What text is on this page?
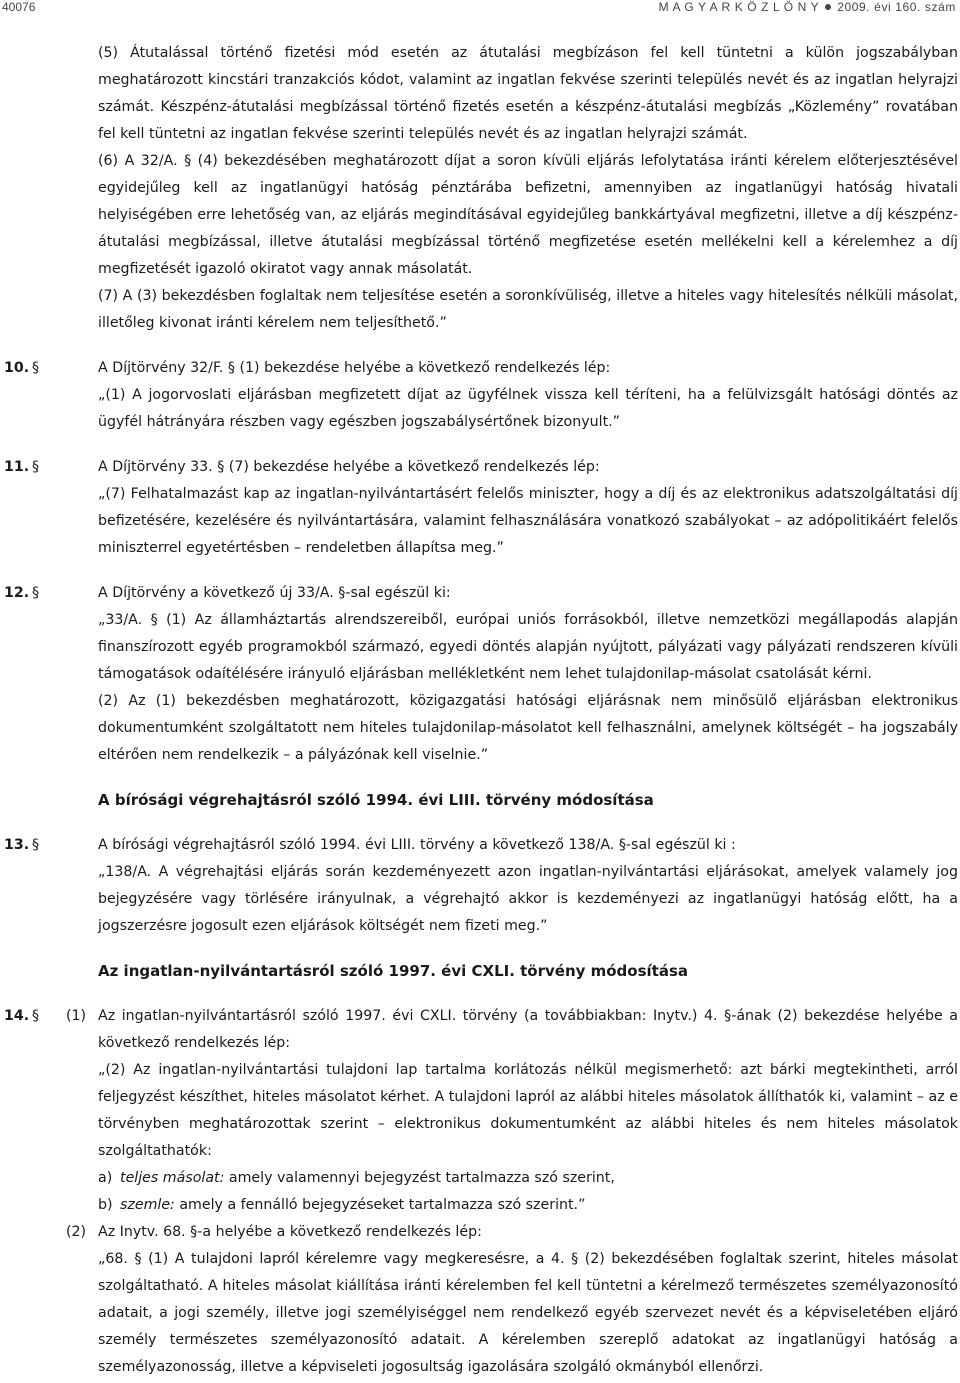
40076	M A G Y A R K Ö Z L Ö N Y 2009. évi 160. szám

(5) Átutalással történő fizetési mód esetén az átutalási megbízáson fel kell tüntetni a külön jogszabályban meghatározott kincstári tranzakciós kódot, valamint az ingatlan fekvése szerinti település nevét és az ingatlan helyrajzi számát. Készpénz-átutalási megbízással történő fizetés esetén a készpénz-átutalási megbízás „Közlemény” rovatában fel kell tüntetni az ingatlan fekvése szerinti település nevét és az ingatlan helyrajzi számát.

(6) A 32/A. § (4) bekezdésében meghatározott díjat a soron kívüli eljárás lefolytatása iránti kérelem előterjesztésével egyidejűleg kell az ingatlanügyi hatóság pénztárába befizetni, amennyiben az ingatlanügyi hatóság hivatali helyiségében erre lehetőség van, az eljárás megindításával egyidejűleg bankkártyával megfizetni, illetve a díj készpénz-átutalási megbízással, illetve átutalási megbízással történő megfizetése esetén mellékelni kell a kérelemhez a díj megfizetését igazoló okiratot vagy annak másolatát.

(7) A (3) bekezdésben foglaltak nem teljesítése esetén a soronkívüliség, illetve a hiteles vagy hitelesítés nélküli másolat, illetőleg kivonat iránti kérelem nem teljesíthető.”

10. §	A Díjtörvény 32/F. § (1) bekezdése helyébe a következő rendelkezés lép:

„(1) A jogorvoslati eljárásban megfizetett díjat az ügyfélnek vissza kell téríteni, ha a felülvizsgált hatósági döntés az ügyfél hátrányára részben vagy egészben jogszabálysértőnek bizonyult.”

11. §	A Díjtörvény 33. § (7) bekezdése helyébe a következő rendelkezés lép:

„(7) Felhatalmazást kap az ingatlan-nyilvántartásért felelős miniszter, hogy a díj és az elektronikus adatszolgáltatási díj befizetésére, kezelésére és nyilvántartására, valamint felhasználására vonatkozó szabályokat – az adópolitikáért felelős miniszterrel egyetértésben – rendeletben állapítsa meg.”

12. §	A Díjtörvény a következő új 33/A. §-sal egészül ki:

„33/A. § (1) Az államháztartás alrendszereiből, európai uniós forrásokból, illetve nemzetközi megállapodás alapján finanszírozott egyéb programokból származó, egyedi döntés alapján nyújtott, pályázati vagy pályázati rendszeren kívüli támogatások odaítélésére irányuló eljárásban mellékletként nem lehet tulajdonilap-másolat csatolását kérni.

(2) Az (1) bekezdésben meghatározott, közigazgatási hatósági eljárásnak nem minősülő eljárásban elektronikus dokumentumként szolgáltatott nem hiteles tulajdonilap-másolatot kell felhasználni, amelynek költségét – ha jogszabály eltérően nem rendelkezik – a pályázónak kell viselnie.”

A bírósági végrehajtásról szóló 1994. évi LIII. törvény módosítása

13. §	A bírósági végrehajtásról szóló 1994. évi LIII. törvény a következő 138/A. §-sal egészül ki :

„138/A. A végrehajtási eljárás során kezdeményezett azon ingatlan-nyilvántartási eljárásokat, amelyek valamely jog bejegyzésére vagy törlésére irányulnak, a végrehajtó akkor is kezdeményezi az ingatlanügyi hatóság előtt, ha a jogszerzésre jogosult ezen eljárások költségét nem fizeti meg.”

Az ingatlan-nyilvántartásról szóló 1997. évi CXLI. törvény módosítása

14. § (1) Az ingatlan-nyilvántartásról szóló 1997. évi CXLI. törvény (a továbbiakban: Inytv.) 4. §-ának (2) bekezdése helyébe a következő rendelkezés lép:

„(2) Az ingatlan-nyilvántartási tulajdoni lap tartalma korlátozás nélkül megismerhető: azt bárki megtekintheti, arról feljegyzést készíthet, hiteles másolatot kérhet. A tulajdoni lapról az alábbi hiteles másolatok állíthatók ki, valamint – az e törvényben meghatározottak szerint – elektronikus dokumentumként az alábbi hiteles és nem hiteles másolatok szolgáltathatók:

a) teljes másolat: amely valamennyi bejegyzést tartalmazza szó szerint,

b) szemle: amely a fennálló bejegyzéseket tartalmazza szó szerint.”

(2) Az Inytv. 68. §-a helyébe a következő rendelkezés lép:

„68. § (1) A tulajdoni lapról kérelemre vagy megkeresésre, a 4. § (2) bekezdésében foglaltak szerint, hiteles másolat szolgáltatható. A hiteles másolat kiállítása iránti kérelemben fel kell tüntetni a kérelmező természetes személyazonosító adatait, a jogi személy, illetve jogi személyiséggel nem rendelkező egyéb szervezet nevét és a képviseletében eljáró személy természetes személyazonosító adatait. A kérelemben szereplő adatokat az ingatlanügyi hatóság a személyazonosság, illetve a képviseleti jogosultság igazolására szolgáló okmányból ellenőrzi.
